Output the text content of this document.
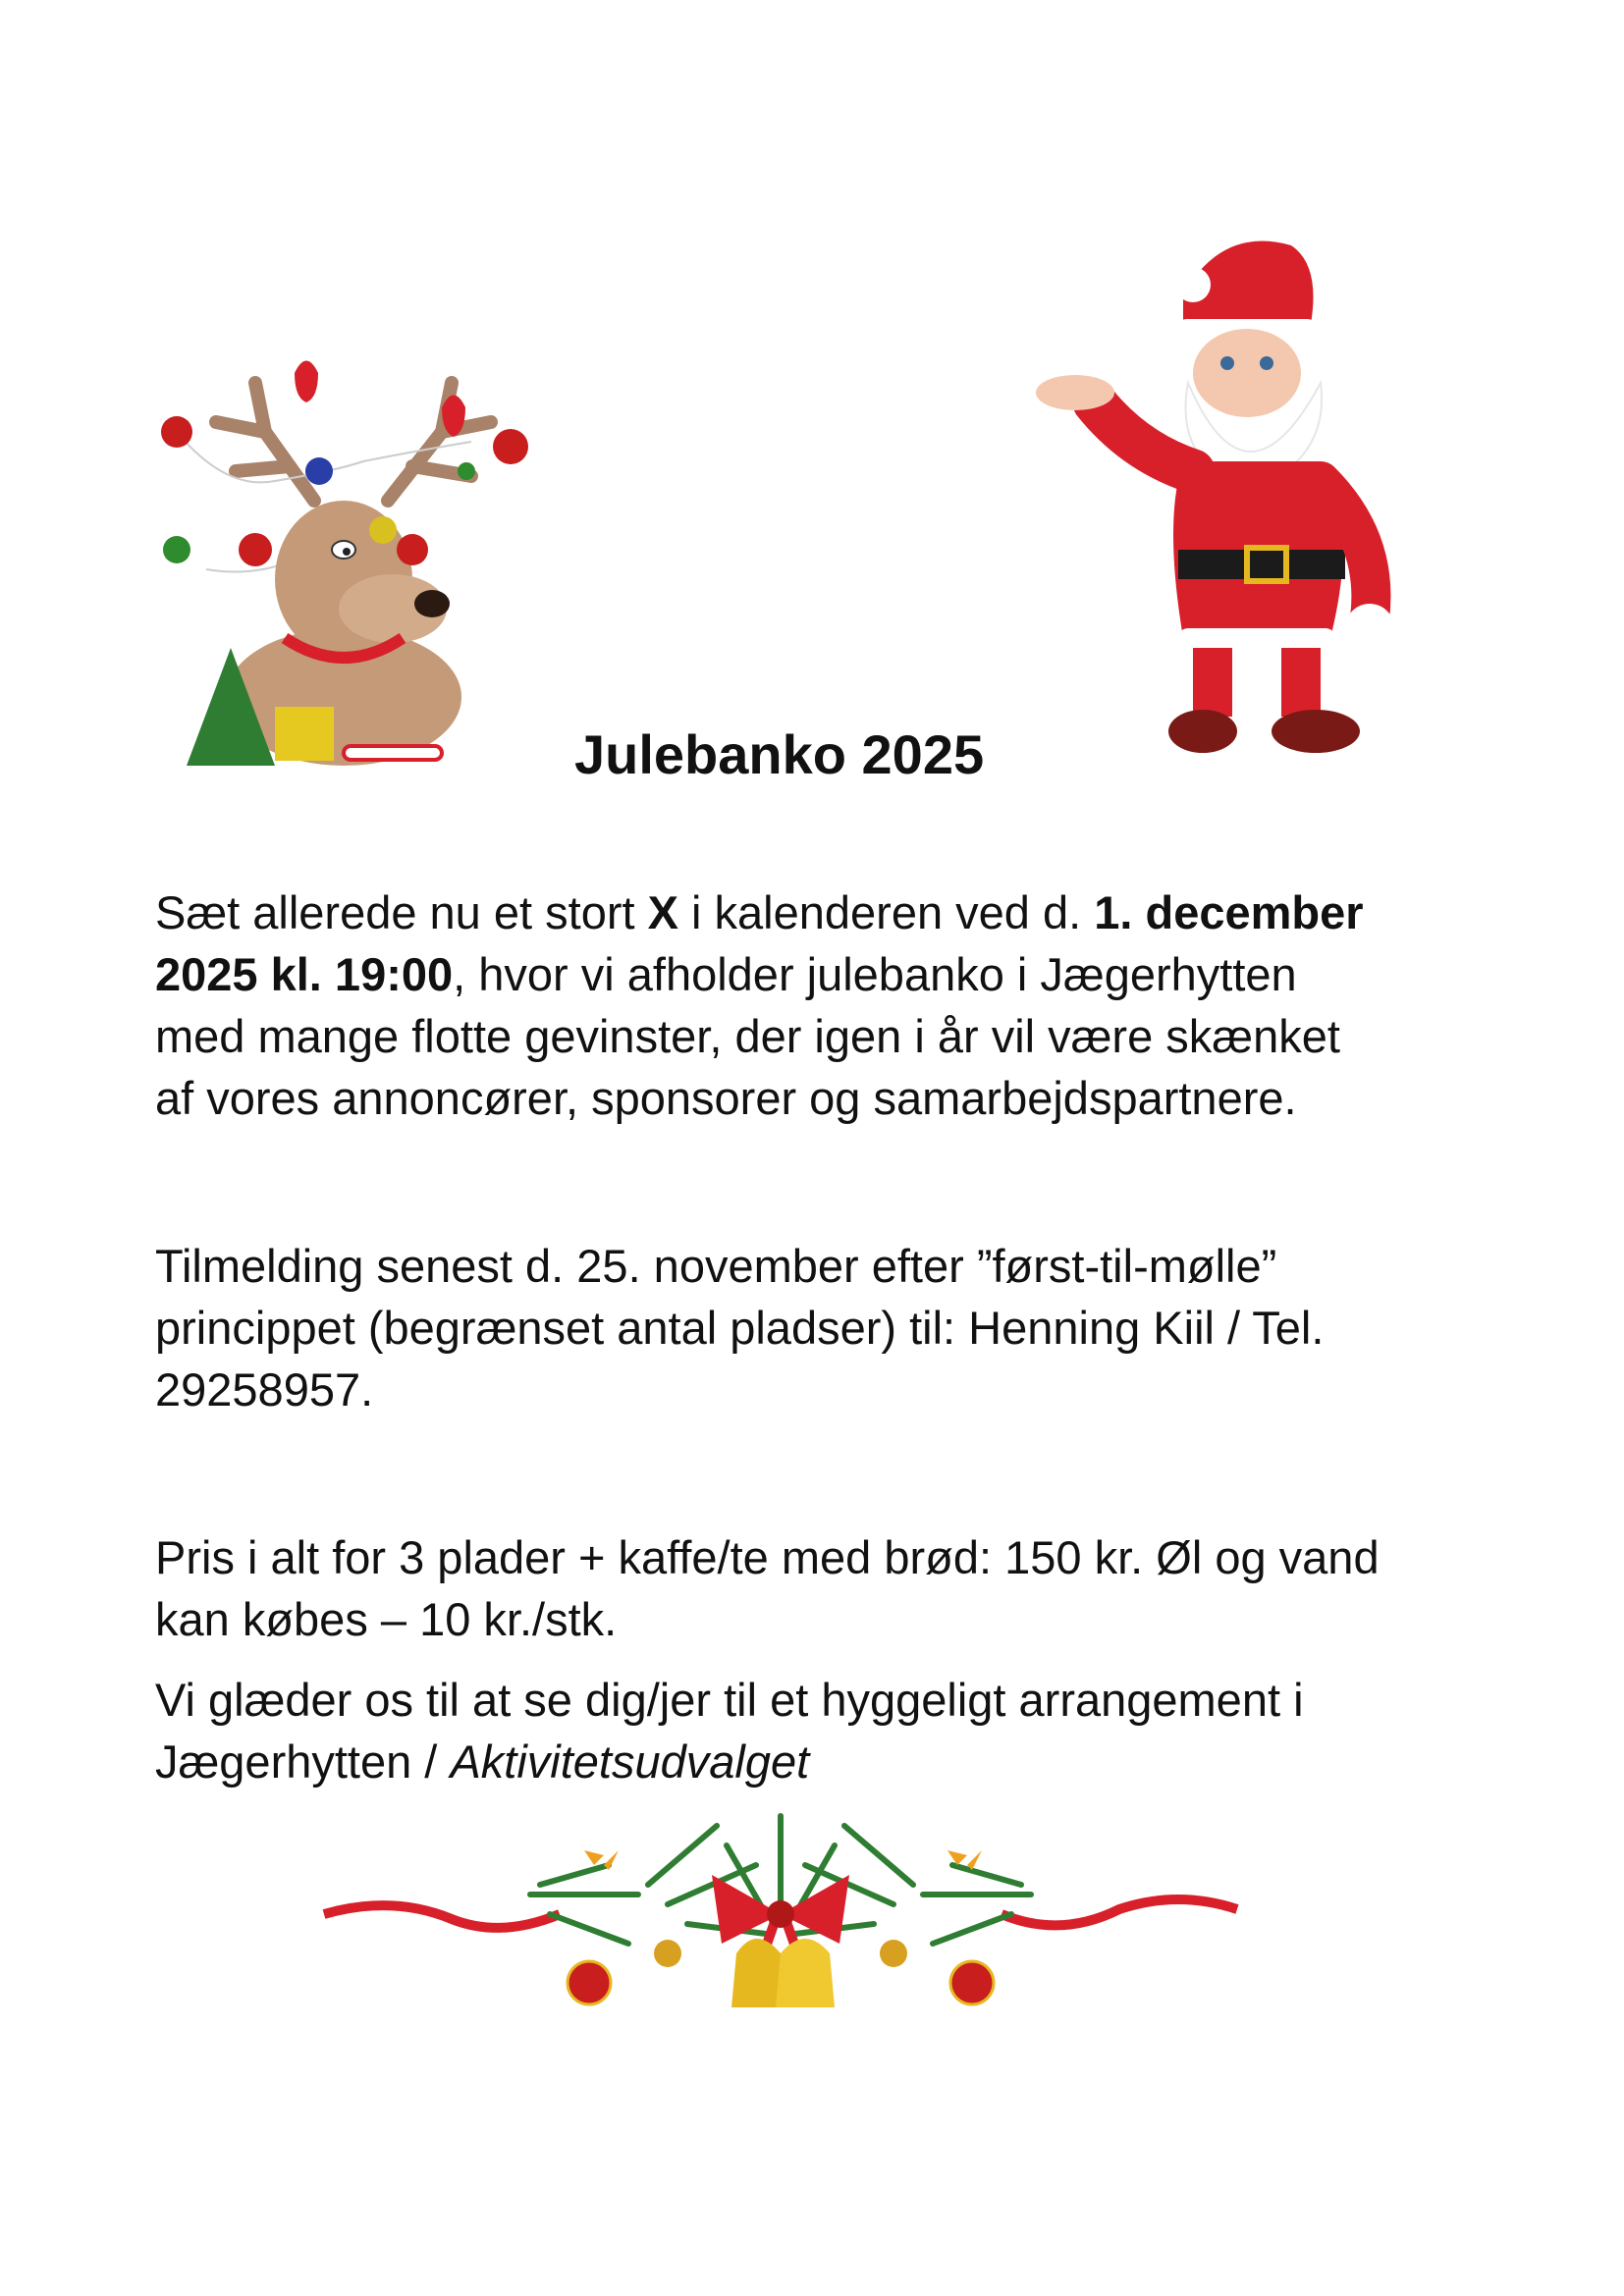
Julebanko 2025

Sæt allerede nu et stort X i kalenderen ved d. 1. december
2025 kl. 19:00, hvor vi afholder julebanko i Jægerhytten
med mange flotte gevinster, der igen i år vil være skænket
af vores annoncører, sponsorer og samarbejdspartnere.

Tilmelding senest d. 25. november efter ”først-til-mølle”
princippet (begrænset antal pladser) til: Henning Kiil / Tel.
29258957.

Pris i alt for 3 plader + kaffe/te med brød: 150 kr. Øl og vand
kan købes – 10 kr./stk.

Vi glæder os til at se dig/jer til et hyggeligt arrangement i
Jægerhytten / Aktivitetsudvalget
